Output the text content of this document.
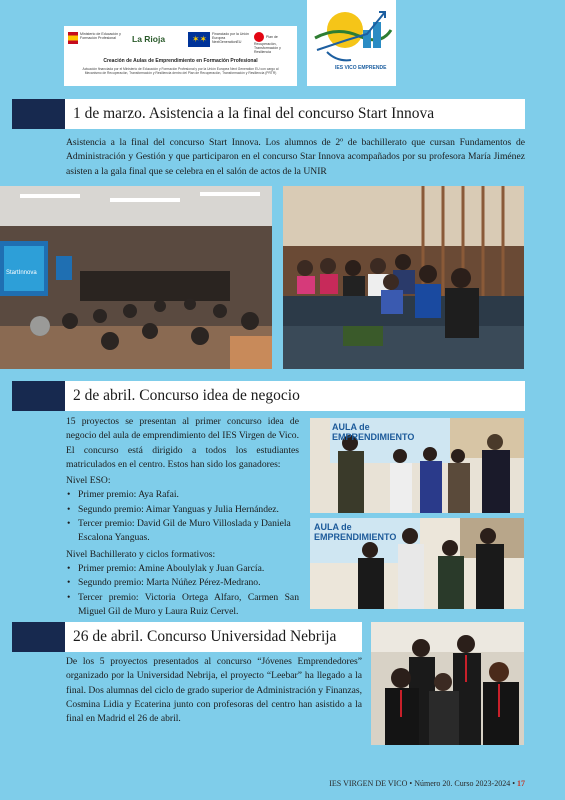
Ministerio de Educación y Formación Profesional	La Rioja	✶✶ Financiado por la Unión Europea NextGenerationEU
Plan de Recuperación, Transformación y Resiliencia
Creación de Aulas de Emprendimiento en Formación Profesional
Actuación financiada por el Ministerio de Educación y Formación Profesional y por la Unión Europea Next Generation EU con cargo al Mecanismo de Recuperación, Transformación y Resiliencia dentro del Plan de Recuperación, Transformación y Resiliencia (PRTR)
IES VICO EMPRENDE
1 de marzo. Asistencia a la final del concurso Start Innova
Asistencia a la final del concurso Start Innova. Los alumnos de 2º de bachillerato que cursan Fundamentos de Administración y Gestión y que participaron en el concurso Star Innova acompañados por su profesora María Jiménez asisten a la gala final que se celebra en el salón de actos de la UNIR
StartInnova
2 de abril. Concurso idea de negocio

15 proyectos se presentan al primer concurso idea de negocio del aula de emprendimiento del IES Virgen de Vico. El concurso está dirigido a todos los estudiantes matriculados en el centro. Estos han sido los ganadores:

Nivel ESO:

• Primer premio: Aya Rafai.
• Segundo premio: Aimar Yanguas y Julia Hernández.
• Tercer premio: David Gil de Muro Villoslada y Daniela Escalona Yanguas.

Nivel Bachillerato y ciclos formativos:

• Primer premio: Amine Aboulylak y Juan García.
• Segundo premio: Marta Núñez Pérez-Medrano.
• Tercer premio: Victoria Ortega Alfaro, Carmen San Miguel Gil de Muro y Laura Ruiz Cervel.
AULA de EMPRENDIMIENTO
AULA de EMPRENDIMIENTO
26 de abril. Concurso Universidad Nebrija
De los 5 proyectos presentados al concurso “Jóvenes Emprendedores” organizado por la Universidad Nebrija, el proyecto “Leebar” ha llegado a la final. Dos alumnas del ciclo de grado superior de Administración y Finanzas, Cosmina Lidia y Ecaterina junto con profesoras del centro han asistido a la final en Madrid el 26 de abril.
IES VIRGEN DE VICO • Número 20. Curso 2023-2024 • 17
